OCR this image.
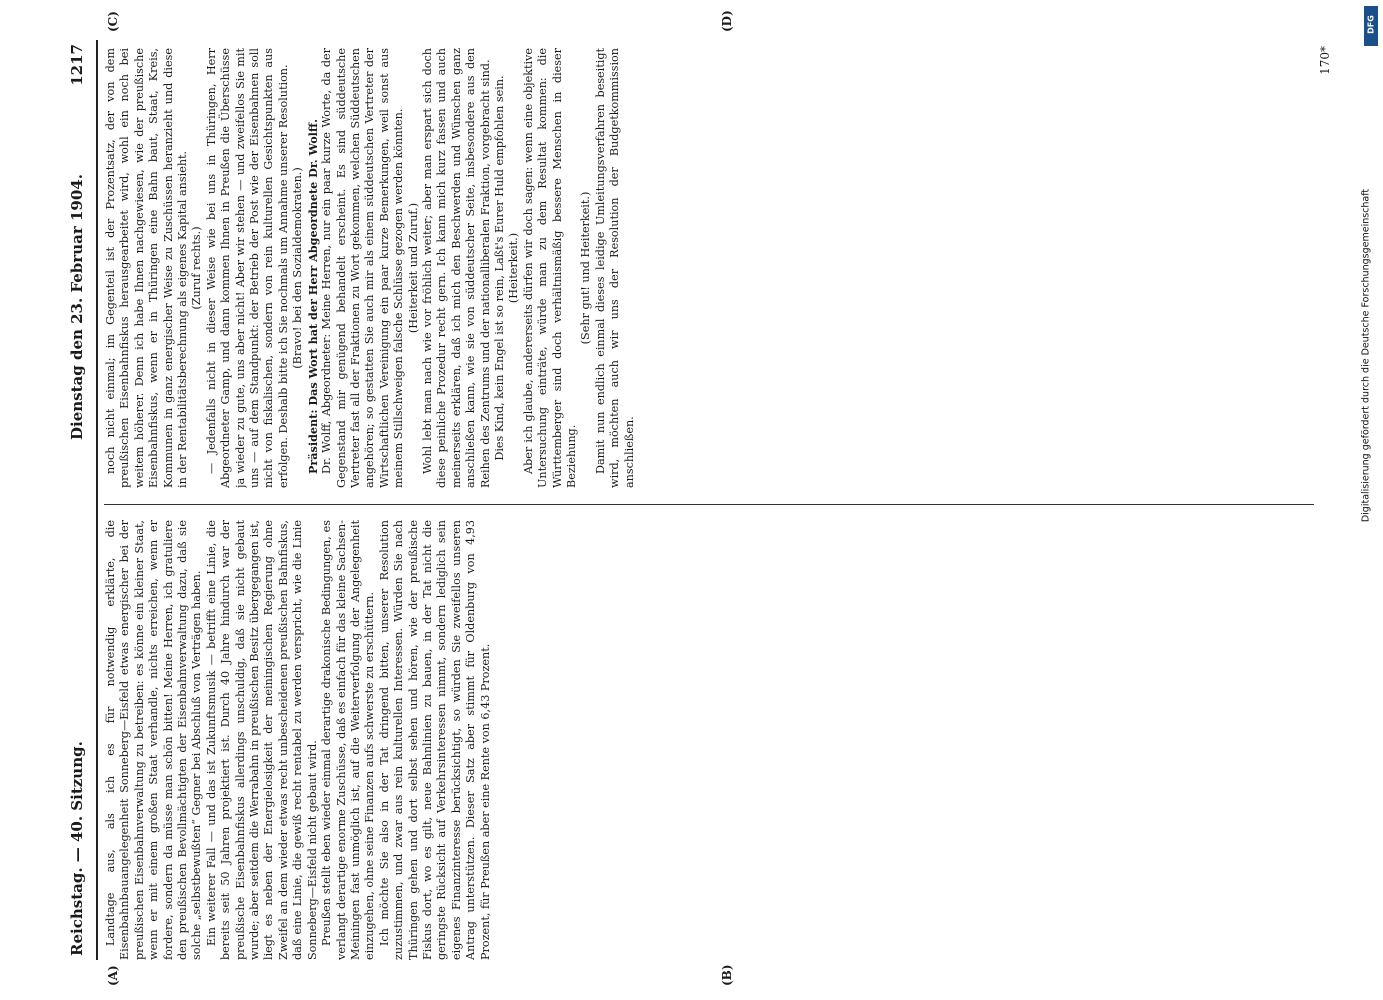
Reichstag. — 40. Sitzung.
Dienstag den 23. Februar 1904.
1217
(A)	(B)
(C)	(D)

Landtage aus, als ich es für notwendig erklärte, die Eisenbahnbauangelegenheit Sonneberg—Eisfeld etwas energischer bei der preußischen Eisenbahnverwaltung zu betreiben: es könne ein kleiner Staat, wenn er mit einem großen Staat verhandle, nichts erreichen, wenn er fordere, sondern da müsse man schön bitten! Meine Herren, ich gratuliere den preußischen Bevollmächtigten der Eisenbahnverwaltung dazu, daß sie solche „selbstbewußten“ Gegner bei Abschluß von Verträgen haben. Ein weiterer Fall — und das ist Zukunftsmusik — betrifft eine Linie, die bereits seit 50 Jahren projektiert ist. Durch 40 Jahre hindurch war der preußische Eisenbahnfiskus allerdings unschuldig, daß sie nicht gebaut wurde; aber seitdem die Werrabahn in preußischen Besitz übergegangen ist, liegt es neben der Energielosigkeit der meiningischen Regierung ohne Zweifel an dem wieder etwas recht unbescheidenen preußischen Bahnfiskus, daß eine Linie, die gewiß recht rentabel zu werden verspricht, wie die Linie Sonneberg—Eisfeld nicht gebaut wird. Preußen stellt eben wieder einmal derartige drakonische Bedingungen, es verlangt derartige enorme Zuschüsse, daß es einfach für das kleine Sachsen-Meiningen fast unmöglich ist, auf die Weiterverfolgung der Angelegenheit einzugehen, ohne seine Finanzen aufs schwerste zu erschüttern. Ich möchte Sie also in der Tat dringend bitten, unserer Resolution zuzustimmen, und zwar aus rein kulturellen Interessen. Würden Sie nach Thüringen gehen und dort selbst sehen und hören, wie der preußische Fiskus dort, wo es gilt, neue Bahnlinien zu bauen, in der Tat nicht die geringste Rücksicht auf Verkehrsinteressen nimmt, sondern lediglich sein eigenes Finanzinteresse berücksichtigt, so würden Sie zweifellos unseren Antrag unterstützen. Dieser Satz aber stimmt für Oldenburg von 4,93 Prozent, für Preußen aber eine Rente von 6,43 Prozent.

noch nicht einmal; im Gegenteil ist der Prozentsatz, der von dem preußischen Eisenbahnfiskus herausgearbeitet wird, wohl ein noch bei weitem höherer. Denn ich habe Ihnen nachgewiesen, wie der preußische Eisenbahnfiskus, wenn er in Thüringen eine Bahn baut, Staat, Kreis, Kommunen in ganz energischer Weise zu Zuschüssen heranzieht und diese in der Rentabilitätsberechnung als eigenes Kapital ansieht. (Zuruf rechts.) — Jedenfalls nicht in dieser Weise wie bei uns in Thüringen, Herr Abgeordneter Gamp, und dann kommen Ihnen in Preußen die Überschüsse ja wieder zu gute, uns aber nicht! Aber wir stehen — und zweifellos Sie mit uns — auf dem Standpunkt: der Betrieb der Post wie der Eisenbahnen soll nicht von fiskalischen, sondern von rein kulturellen Gesichtspunkten aus erfolgen. Deshalb bitte ich Sie nochmals um Annahme unserer Resolution. (Bravo! bei den Sozialdemokraten.) Präsident: Das Wort hat der Herr Abgeordnete Dr. Wolff. Dr. Wolff, Abgeordneter: Meine Herren, nur ein paar kurze Worte, da der Gegenstand mir genügend behandelt erscheint. Es sind süddeutsche Vertreter fast all der Fraktionen zu Wort gekommen, welchen Süddeutschen angehören; so gestatten Sie auch mir als einem süddeutschen Vertreter der Wirtschaftlichen Vereinigung ein paar kurze Bemerkungen, weil sonst aus meinem Stillschweigen falsche Schlüsse gezogen werden könnten. (Heiterkeit und Zuruf.) Wohl lebt man nach wie vor fröhlich weiter; aber man erspart sich doch diese peinliche Prozedur recht gern. Ich kann mich kurz fassen und auch meinerseits erklären, daß ich mich den Beschwerden und Wünschen ganz anschließen kann, wie sie von süddeutscher Seite, insbesondere aus den Reihen des Zentrums und der nationalliberalen Fraktion, vorgebracht sind. Dies Kind, kein Engel ist so rein, Laßt's Eurer Huld empfohlen sein. (Heiterkeit.) Aber ich glaube, andererseits dürfen wir doch sagen: wenn eine objektive Untersuchung einträte, würde man zu dem Resultat kommen: die Württemberger sind doch verhältnismäßig bessere Menschen in dieser Beziehung.

(Sehr gut! und Heiterkeit.) Damit nun endlich einmal dieses leidige Umleitungsverfahren beseitigt wird, möchten auch wir uns der Resolution der Budgetkommission anschließen.

170*
DFG
Digitalisierung gefördert durch die Deutsche Forschungsgemeinschaft
